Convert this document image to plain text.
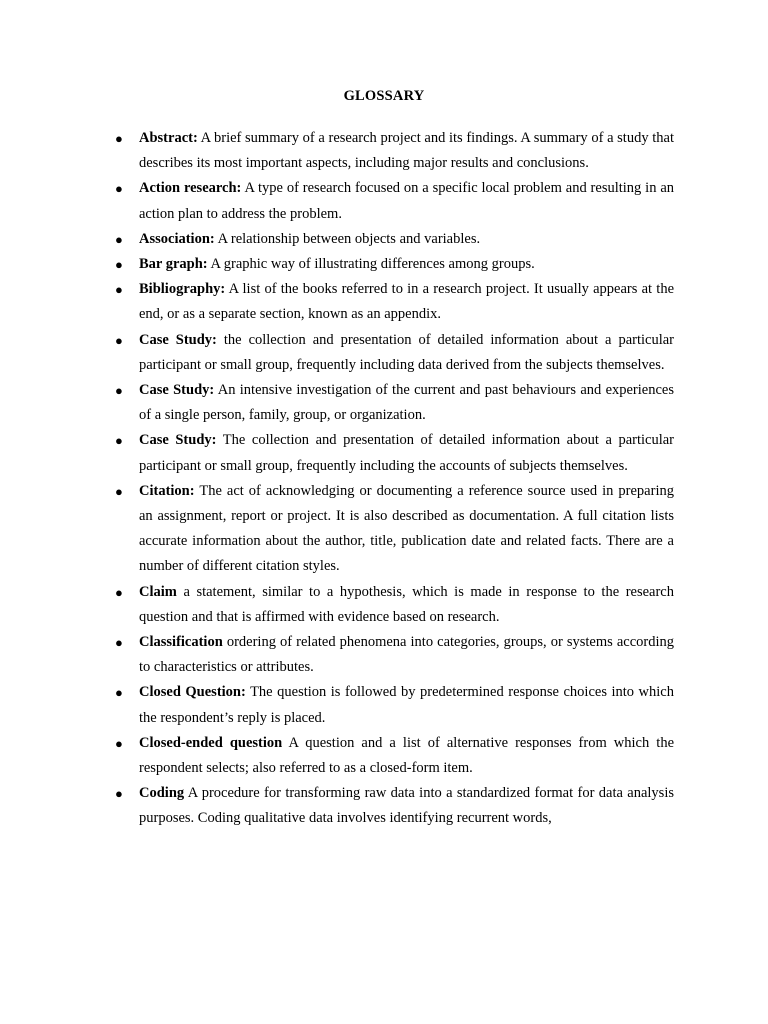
GLOSSARY
● Abstract: A brief summary of a research project and its findings. A summary of a study that describes its most important aspects, including major results and conclusions.
● Action research: A type of research focused on a specific local problem and resulting in an action plan to address the problem.
● Association: A relationship between objects and variables.
● Bar graph: A graphic way of illustrating differences among groups.
● Bibliography: A list of the books referred to in a research project. It usually appears at the end, or as a separate section, known as an appendix.
● Case Study: the collection and presentation of detailed information about a particular participant or small group, frequently including data derived from the subjects themselves.
● Case Study: An intensive investigation of the current and past behaviours and experiences of a single person, family, group, or organization.
● Case Study: The collection and presentation of detailed information about a particular participant or small group, frequently including the accounts of subjects themselves.
● Citation: The act of acknowledging or documenting a reference source used in preparing an assignment, report or project. It is also described as documentation. A full citation lists accurate information about the author, title, publication date and related facts. There are a number of different citation styles.
● Claim a statement, similar to a hypothesis, which is made in response to the research question and that is affirmed with evidence based on research.
● Classification ordering of related phenomena into categories, groups, or systems according to characteristics or attributes.
● Closed Question: The question is followed by predetermined response choices into which the respondent’s reply is placed.
● Closed-ended question A question and a list of alternative responses from which the respondent selects; also referred to as a closed-form item.
● Coding A procedure for transforming raw data into a standardized format for data analysis purposes. Coding qualitative data involves identifying recurrent words,
